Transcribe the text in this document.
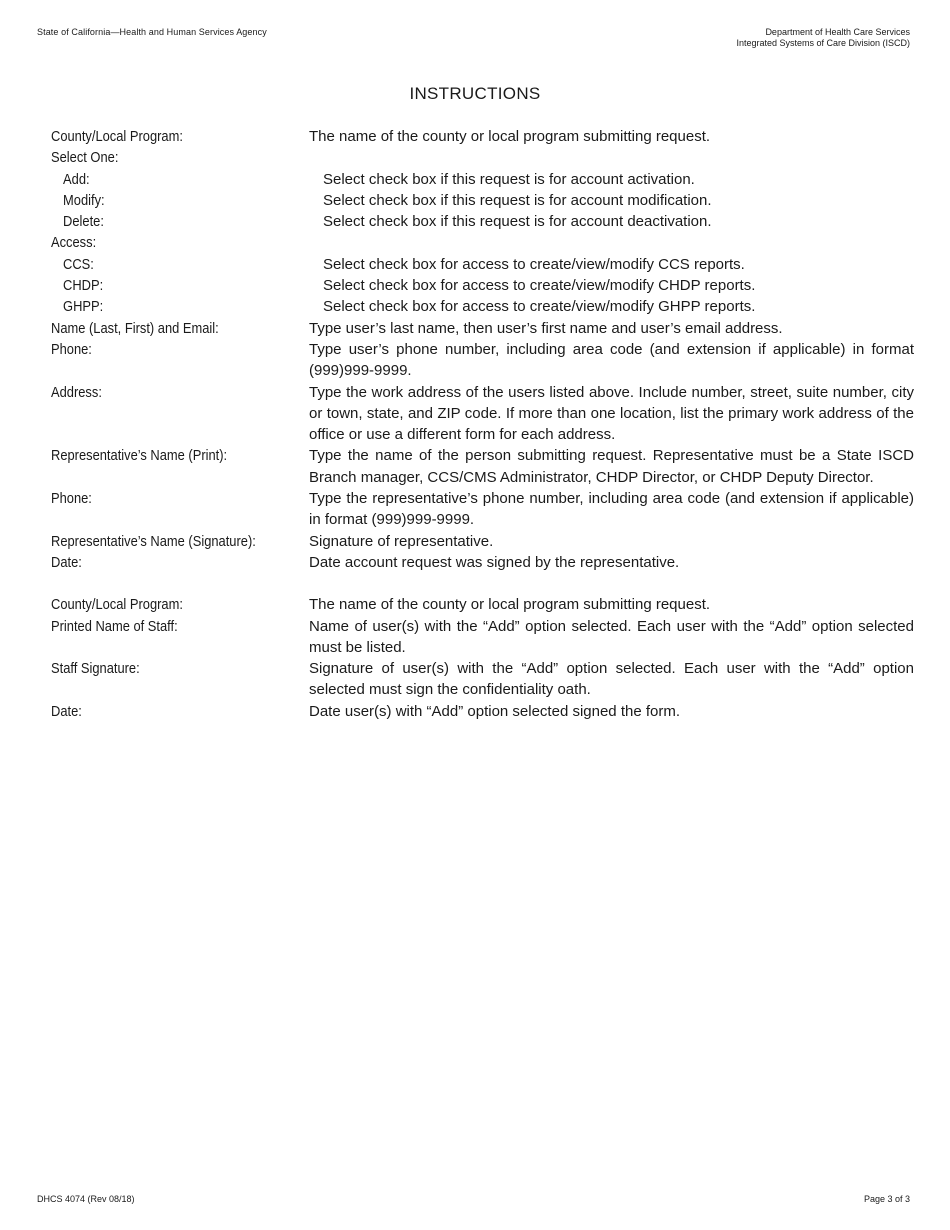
State of California—Health and Human Services Agency	Department of Health Care Services
Integrated Systems of Care Division (ISCD)
INSTRUCTIONS
County/Local Program:	The name of the county or local program submitting request.
Select One:
Add:	Select check box if this request is for account activation.
Modify:	Select check box if this request is for account modification.
Delete:	Select check box if this request is for account deactivation.
Access:
CCS:	Select check box for access to create/view/modify CCS reports.
CHDP:	Select check box for access to create/view/modify CHDP reports.
GHPP:	Select check box for access to create/view/modify GHPP reports.
Name (Last, First) and Email:	Type user’s last name, then user’s first name and user’s email address.
Phone:	Type user’s phone number, including area code (and extension if applicable) in format (999)999-9999.
Address:	Type the work address of the users listed above. Include number, street, suite number, city or town, state, and ZIP code. If more than one location, list the primary work address of the office or use a different form for each address.
Representative’s Name (Print):	Type the name of the person submitting request. Representative must be a State ISCD Branch manager, CCS/CMS Administrator, CHDP Director, or CHDP Deputy Director.
Phone:	Type the representative’s phone number, including area code (and extension if applicable) in format (999)999-9999.
Representative’s Name (Signature):	Signature of representative.
Date:	Date account request was signed by the representative.
County/Local Program:	The name of the county or local program submitting request.
Printed Name of Staff:	Name of user(s) with the “Add” option selected. Each user with the “Add” option selected must be listed.
Staff Signature:	Signature of user(s) with the “Add” option selected. Each user with the “Add” option selected must sign the confidentiality oath.
Date:	Date user(s) with “Add” option selected signed the form.
DHCS 4074 (Rev 08/18)	Page 3 of 3
